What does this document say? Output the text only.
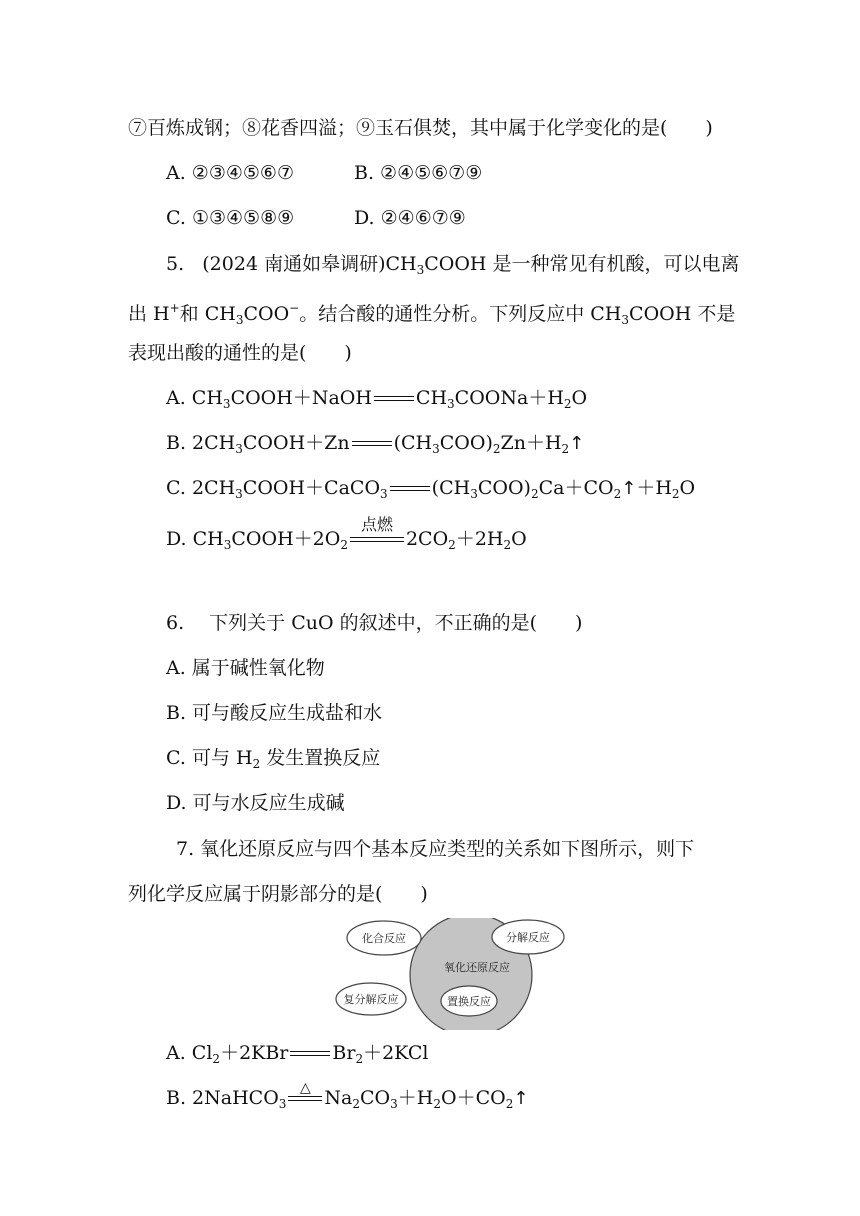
⑦百炼成钢；⑧花香四溢；⑨玉石俱焚，其中属于化学变化的是(　　)
A. ②③④⑤⑥⑦	B. ②④⑤⑥⑦⑨
C. ①③④⑤⑧⑨	D. ②④⑥⑦⑨
5. (2024 南通如皋调研)$CH_3COOH$ 是一种常见有机酸，可以电离
出 H+和 $CH_3COO^-$。结合酸的通性分析。下列反应中 $CH_3COOH$ 不是
表现出酸的通性的是(　　)
A. $CH_3COOH+NaOH$ $CH_3COONa+H_2O$
B. $2CH_3COOH+Zn$ $(CH_3COO)_2Zn+H_2↑$
C. $2CH_3COOH+CaCO_3$ $(CH_3COO)_2Ca+CO_2↑+H_2O$
D. $CH_3COOH+2O_2$
点燃
$2CO_2+2H_2O$
6.　 下列关于 CuO 的叙述中，不正确的是(　　)
A. 属于碱性氧化物
B. 可与酸反应生成盐和水
C. 可与 $H_2$ 发生置换反应
D. 可与水反应生成碱
7. 氧化还原反应与四个基本反应类型的关系如下图所示，则下
列化学反应属于阴影部分的是(　　)
化合反应	分解反应
氧化还原反应
复分解反应	置换反应
A. $Cl_2+2KBr$ $Br_2+2KCl$
B. 2NaHCO$_3$
△ $Na_2CO_3+H_2O+CO_2↑$
